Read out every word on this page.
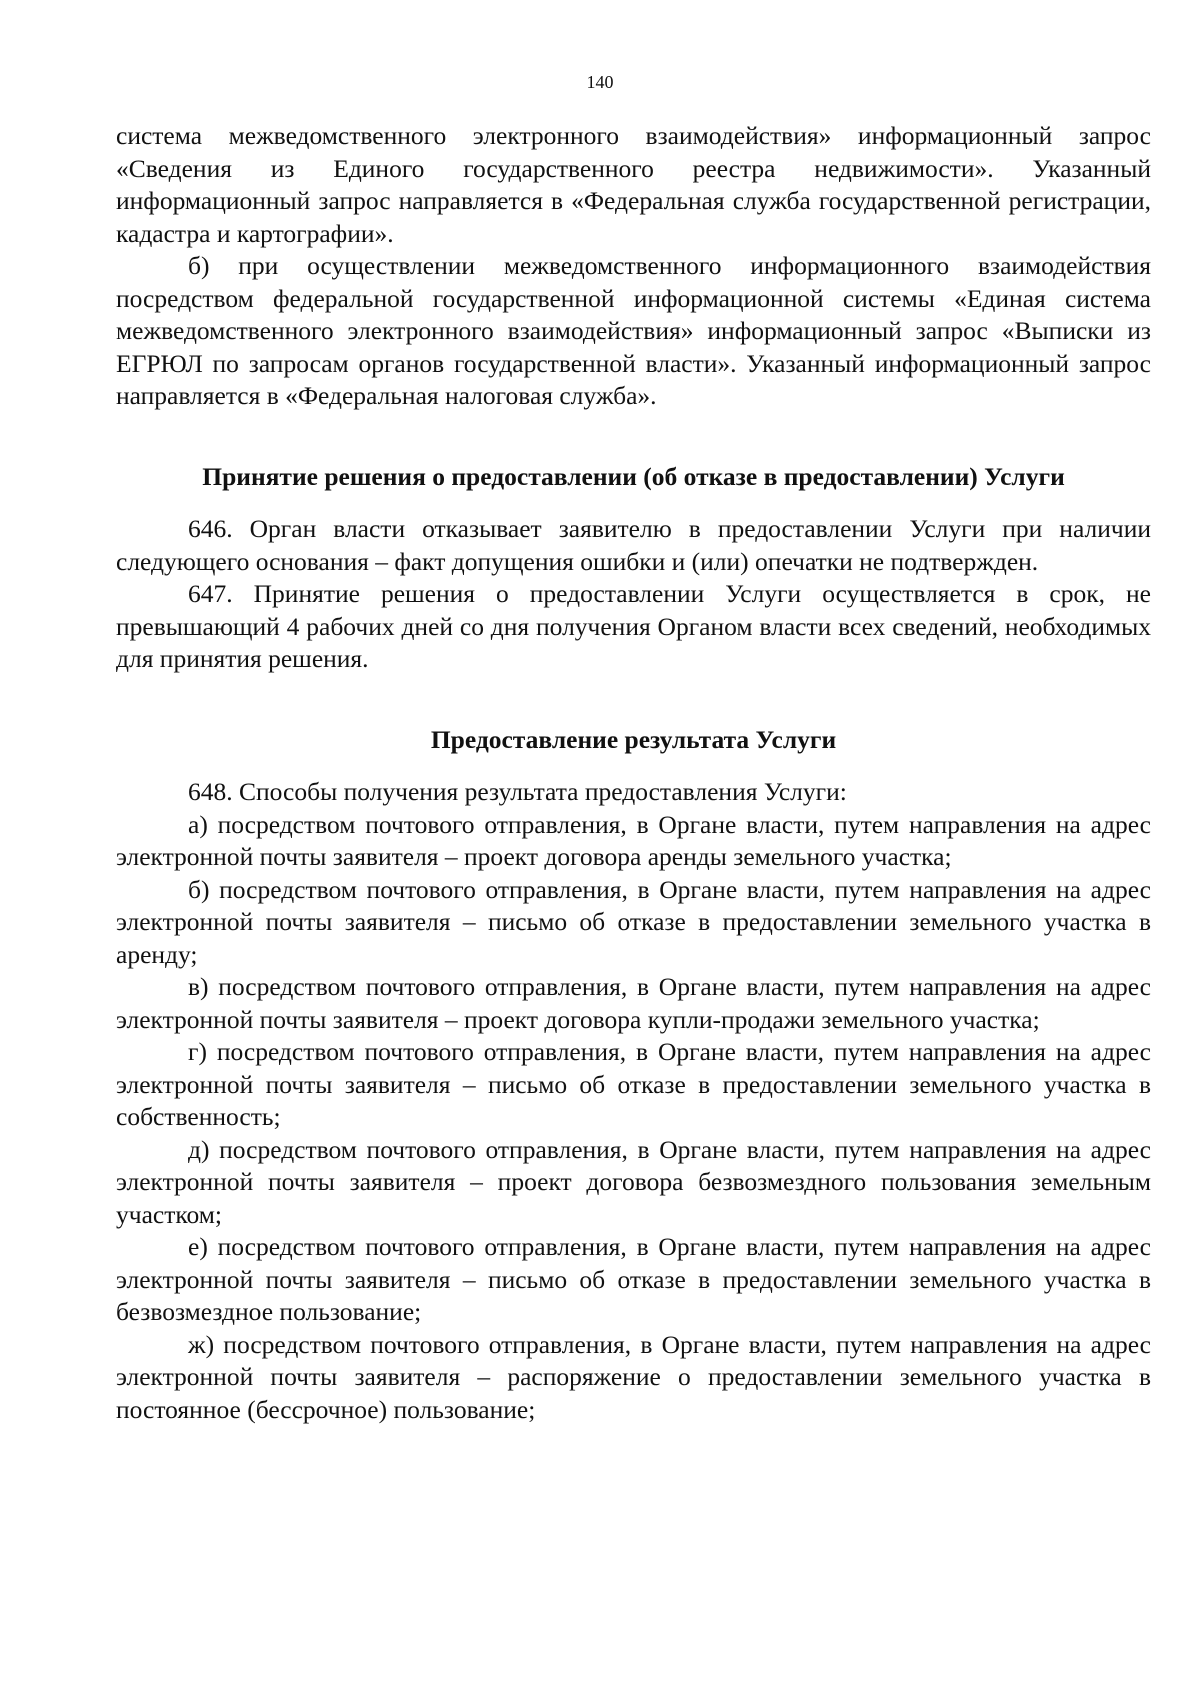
140

система межведомственного электронного взаимодействия» информационный запрос «Сведения из Единого государственного реестра недвижимости». Указанный информационный запрос направляется в «Федеральная служба государственной регистрации, кадастра и картографии».

б) при осуществлении межведомственного информационного взаимодействия посредством федеральной государственной информационной системы «Единая система межведомственного электронного взаимодействия» информационный запрос «Выписки из ЕГРЮЛ по запросам органов государственной власти». Указанный информационный запрос направляется в «Федеральная налоговая служба».

Принятие решения о предоставлении (об отказе в предоставлении) Услуги

646. Орган власти отказывает заявителю в предоставлении Услуги при наличии следующего основания – факт допущения ошибки и (или) опечатки не подтвержден.

647. Принятие решения о предоставлении Услуги осуществляется в срок, не превышающий 4 рабочих дней со дня получения Органом власти всех сведений, необходимых для принятия решения.

Предоставление результата Услуги

648. Способы получения результата предоставления Услуги:

а) посредством почтового отправления, в Органе власти, путем направления на адрес электронной почты заявителя – проект договора аренды земельного участка;

б) посредством почтового отправления, в Органе власти, путем направления на адрес электронной почты заявителя – письмо об отказе в предоставлении земельного участка в аренду;

в) посредством почтового отправления, в Органе власти, путем направления на адрес электронной почты заявителя – проект договора купли-продажи земельного участка;

г) посредством почтового отправления, в Органе власти, путем направления на адрес электронной почты заявителя – письмо об отказе в предоставлении земельного участка в собственность;

д) посредством почтового отправления, в Органе власти, путем направления на адрес электронной почты заявителя – проект договора безвозмездного пользования земельным участком;

е) посредством почтового отправления, в Органе власти, путем направления на адрес электронной почты заявителя – письмо об отказе в предоставлении земельного участка в безвозмездное пользование;

ж) посредством почтового отправления, в Органе власти, путем направления на адрес электронной почты заявителя – распоряжение о предоставлении земельного участка в постоянное (бессрочное) пользование;
